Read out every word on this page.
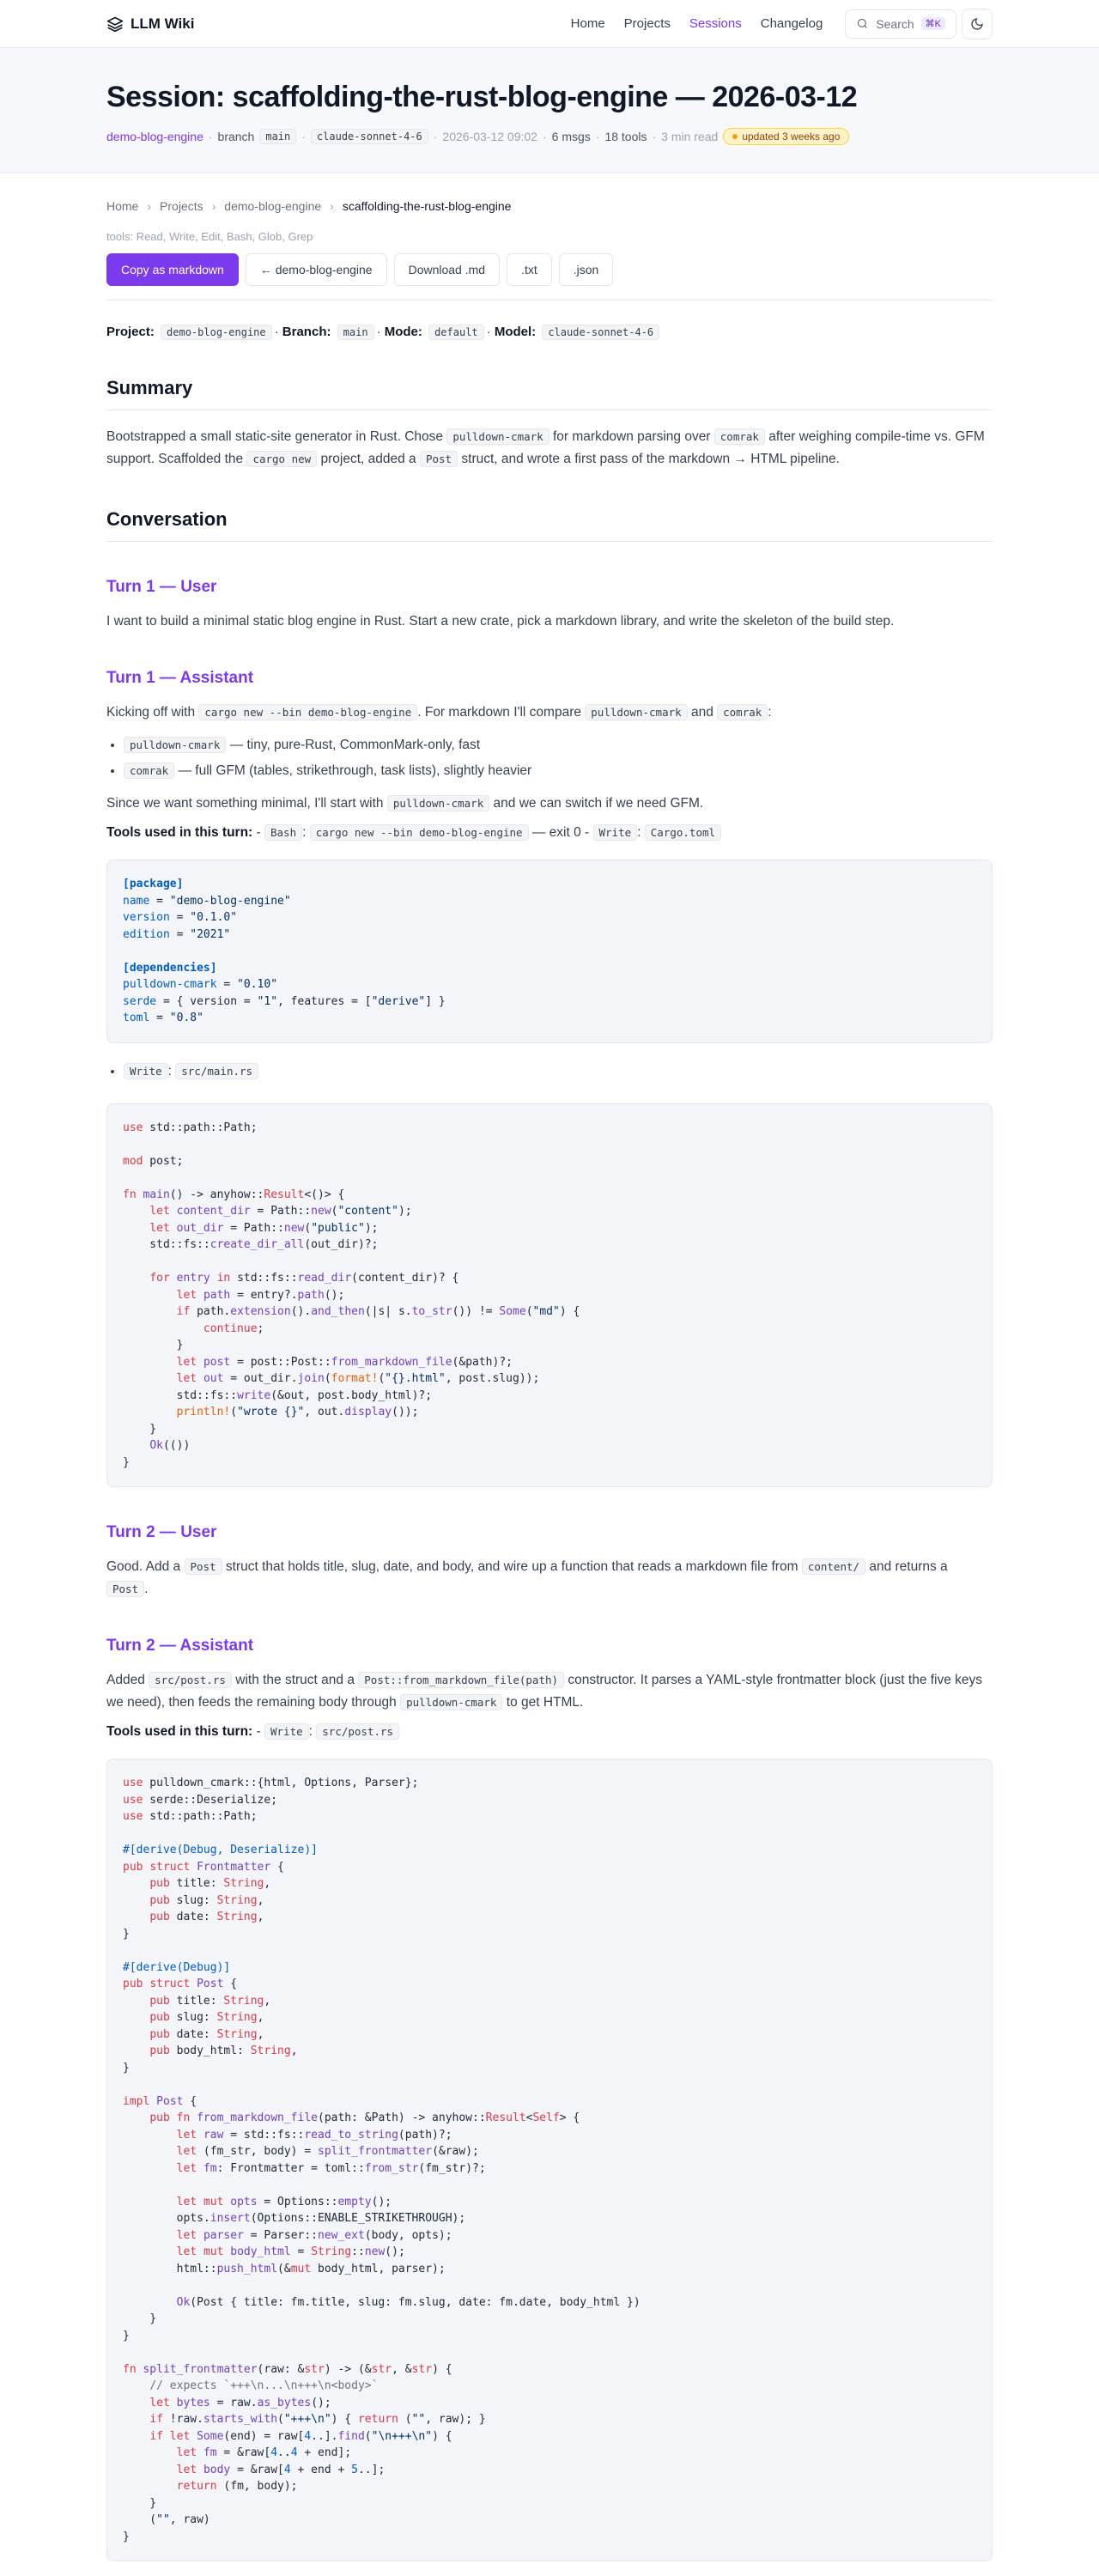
LLM Wiki	Home Projects Sessions Changelog	Search	⌘K
Session: scaffolding-the-rust-blog-engine — 2026-03-12
demo-blog-engine · branch	main ·	claude-sonnet-4-6 · 2026-03-12 09:02 · 6 msgs · 18 tools · 3 min read updated 3 weeks ago
Home › Projects › demo-blog-engine › scaffolding-the-rust-blog-engine
tools: Read, Write, Edit, Bash, Glob, Grep
Copy as markdown	← demo-blog-engine	Download .md	.txt	.json
Project: demo-blog-engine · Branch: main · Mode: default · Model: claude-sonnet-4-6
Summary

Bootstrapped a small static-site generator in Rust. Chose pulldown-cmark for markdown parsing over comrak after weighing compile-time vs. GFM support. Scaffolded the cargo new project, added a Post struct, and wrote a first pass of the markdown → HTML pipeline.

Conversation
Turn 1 — User

I want to build a minimal static blog engine in Rust. Start a new crate, pick a markdown library, and write the skeleton of the build step.

Turn 1 — Assistant

Kicking off with cargo new --bin demo-blog-engine . For markdown I'll compare pulldown-cmark and comrak :

• pulldown-cmark — tiny, pure-Rust, CommonMark-only, fast
• comrak — full GFM (tables, strikethrough, task lists), slightly heavier

Since we want something minimal, I'll start with pulldown-cmark and we can switch if we need GFM.

Tools used in this turn: - Bash : cargo new --bin demo-blog-engine — exit 0 - Write : Cargo.toml
[package]
name = "demo-blog-engine"
version = "0.1.0"
edition = "2021"

[dependencies]
pulldown-cmark = "0.10"
serde = { version = "1", features = ["derive"] }
toml = "0.8"
• Write : src/main.rs
use std::path::Path;

mod post;

fn main() -> anyhow::Result<()> {
let content_dir = Path::new("content");
let out_dir = Path::new("public");
std::fs::create_dir_all(out_dir)?;

for entry in std::fs::read_dir(content_dir)? {
let path = entry?.path();
if path.extension().and_then(|s| s.to_str()) != Some("md") {
continue;
}
let post = post::Post::from_markdown_file(&path)?;
let out = out_dir.join(format!("{}.html", post.slug));
std::fs::write(&out, post.body_html)?;
println!("wrote {}", out.display());
}
Ok(())
}
Turn 2 — User

Good. Add a Post struct that holds title, slug, date, and body, and wire up a function that reads a markdown file from content/ and returns a Post .

Turn 2 — Assistant

Added src/post.rs with the struct and a Post::from_markdown_file(path) constructor. It parses a YAML-style frontmatter block (just the five keys we need), then feeds the remaining body through pulldown-cmark to get HTML.

Tools used in this turn: - Write : src/post.rs
use pulldown_cmark::{html, Options, Parser};
use serde::Deserialize;
use std::path::Path;

#[derive(Debug, Deserialize)]
pub struct Frontmatter {
pub title: String,
pub slug: String,
pub date: String,
}

#[derive(Debug)]
pub struct Post {
pub title: String,
pub slug: String,
pub date: String,
pub body_html: String,
}

impl Post {
pub fn from_markdown_file(path: &Path) -> anyhow::Result<Self> {
let raw = std::fs::read_to_string(path)?;
let (fm_str, body) = split_frontmatter(&raw);
let fm: Frontmatter = toml::from_str(fm_str)?;

let mut opts = Options::empty();
opts.insert(Options::ENABLE_STRIKETHROUGH);
let parser = Parser::new_ext(body, opts);
let mut body_html = String::new();
html::push_html(&mut body_html, parser);

Ok(Post { title: fm.title, slug: fm.slug, date: fm.date, body_html })
}
}

fn split_frontmatter(raw: &str) -> (&str, &str) {
// expects `+++\n...\n+++\n<body>`
let bytes = raw.as_bytes();
if !raw.starts_with("+++\n") { return ("", raw); }
if let Some(end) = raw[4..].find("\n+++\n") {
let fm = &raw[4..4 + end];
let body = &raw[4 + end + 5..];
return (fm, body);
}
("", raw)
}
